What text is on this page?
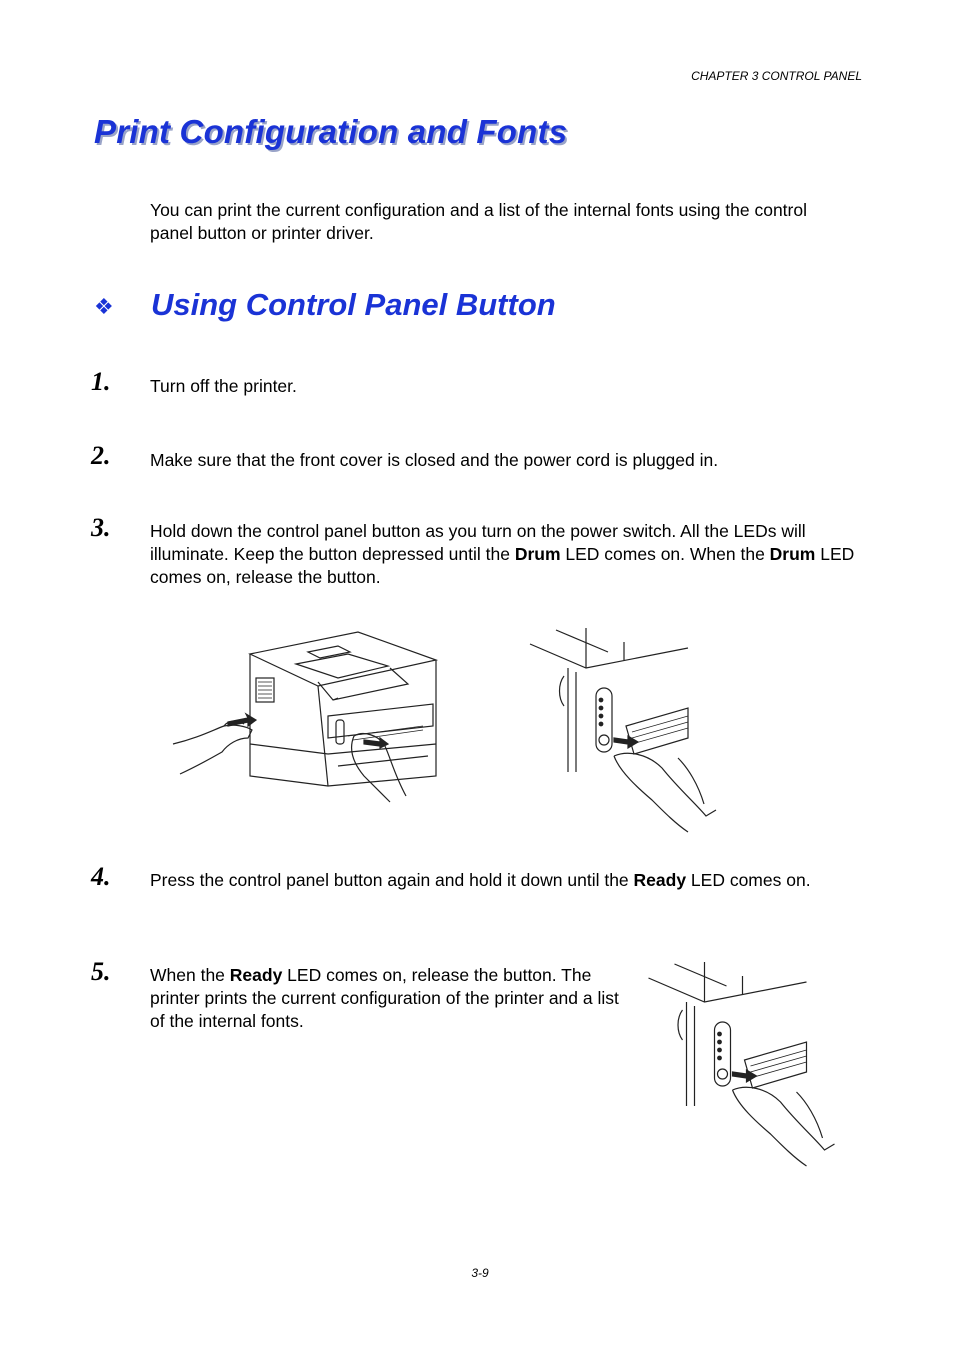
CHAPTER 3 CONTROL PANEL
Print Configuration and Fonts
You can print the current configuration and a list of the internal fonts using the control panel button or printer driver.
❖ Using Control Panel Button
1. Turn off the printer.
2. Make sure that the front cover is closed and the power cord is plugged in.
3. Hold down the control panel button as you turn on the power switch. All the LEDs will illuminate. Keep the button depressed until the Drum LED comes on. When the Drum LED comes on, release the button.
4. Press the control panel button again and hold it down until the Ready LED comes on.
5. When the Ready LED comes on, release the button. The printer prints the current configuration of the printer and a list of the internal fonts.
3-9
